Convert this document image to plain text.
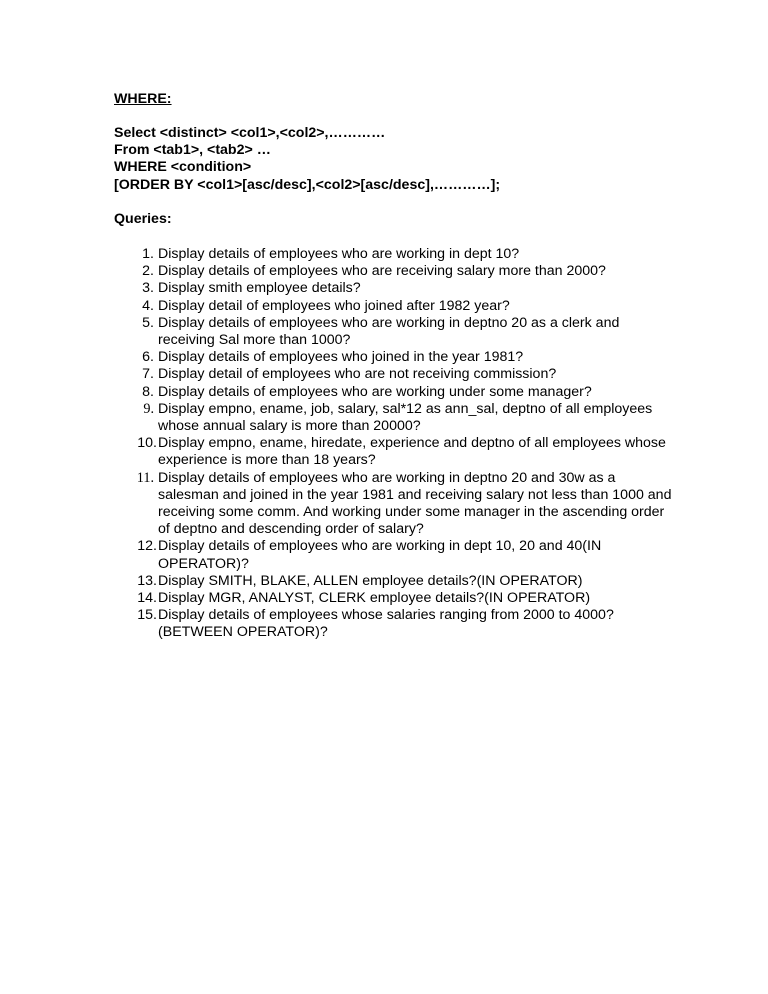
WHERE:
Select <distinct> <col1>,<col2>,…………
From <tab1>, <tab2> …
WHERE <condition>
[ORDER BY <col1>[asc/desc],<col2>[asc/desc],…………];
Queries:
1. Display details of employees who are working in dept 10?
2. Display details of employees who are receiving salary more than 2000?
3. Display smith employee details?
4. Display detail of employees who joined after 1982 year?
5. Display details of employees who are working in deptno 20 as a clerk and receiving Sal more than 1000?
6. Display details of employees who joined in the year 1981?
7. Display detail of employees who are not receiving commission?
8. Display details of employees who are working under some manager?
9. Display empno, ename, job, salary, sal*12 as ann_sal, deptno of all employees whose annual salary is more than 20000?
10. Display empno, ename, hiredate, experience and deptno of all employees whose experience is more than 18 years?
11. Display details of employees who are working in deptno 20 and 30w as a salesman and joined in the year 1981 and receiving salary not less than 1000 and receiving some comm. And working under some manager in the ascending order of deptno and descending order of salary?
12. Display details of employees who are working in dept 10, 20 and 40(IN OPERATOR)?
13. Display SMITH, BLAKE, ALLEN employee details?(IN OPERATOR)
14. Display MGR, ANALYST, CLERK employee details?(IN OPERATOR)
15. Display details of employees whose salaries ranging from 2000 to 4000?(BETWEEN OPERATOR)?
